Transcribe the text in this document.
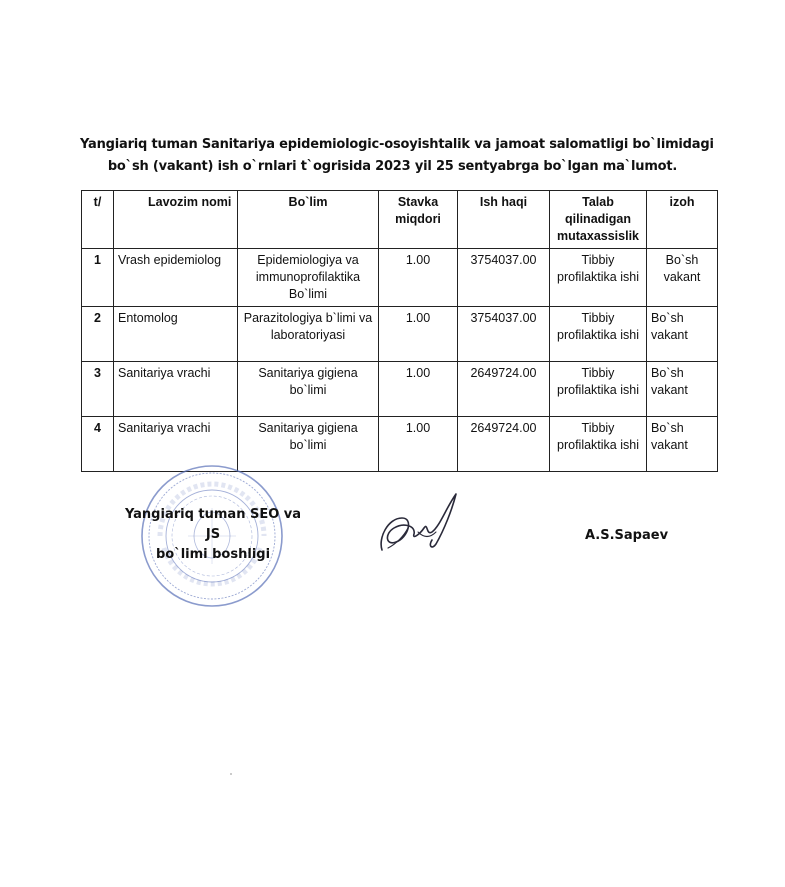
Yangiariq tuman Sanitariya epidemiologic-osoyishtalik va jamoat salomatligi bo`limidagi
bo`sh (vakant) ish o`rnlari t`ogrisida 2023 yil 25 sentyabrga bo`lgan ma`lumot.
t/	Lavozim nomi	Bo`lim	Stavka miqdori	Ish haqi	Talab qilinadigan mutaxassislik	izoh
1	Vrash epidemiolog	Epidemiologiya va immunoprofilaktika Bo`limi	1.00	3754037.00	Tibbiy profilaktika ishi	Bo`sh vakant
2	Entomolog	Parazitologiya b`limi va laboratoriyasi	1.00	3754037.00	Tibbiy profilaktika ishi	Bo`sh vakant
3	Sanitariya vrachi	Sanitariya gigiena bo`limi	1.00	2649724.00	Tibbiy profilaktika ishi	Bo`sh vakant
4	Sanitariya vrachi	Sanitariya gigiena bo`limi	1.00	2649724.00	Tibbiy profilaktika ishi	Bo`sh vakant
Yangiariq tuman SEO va JS
bo`limi boshligi
A.S.Sapaev
